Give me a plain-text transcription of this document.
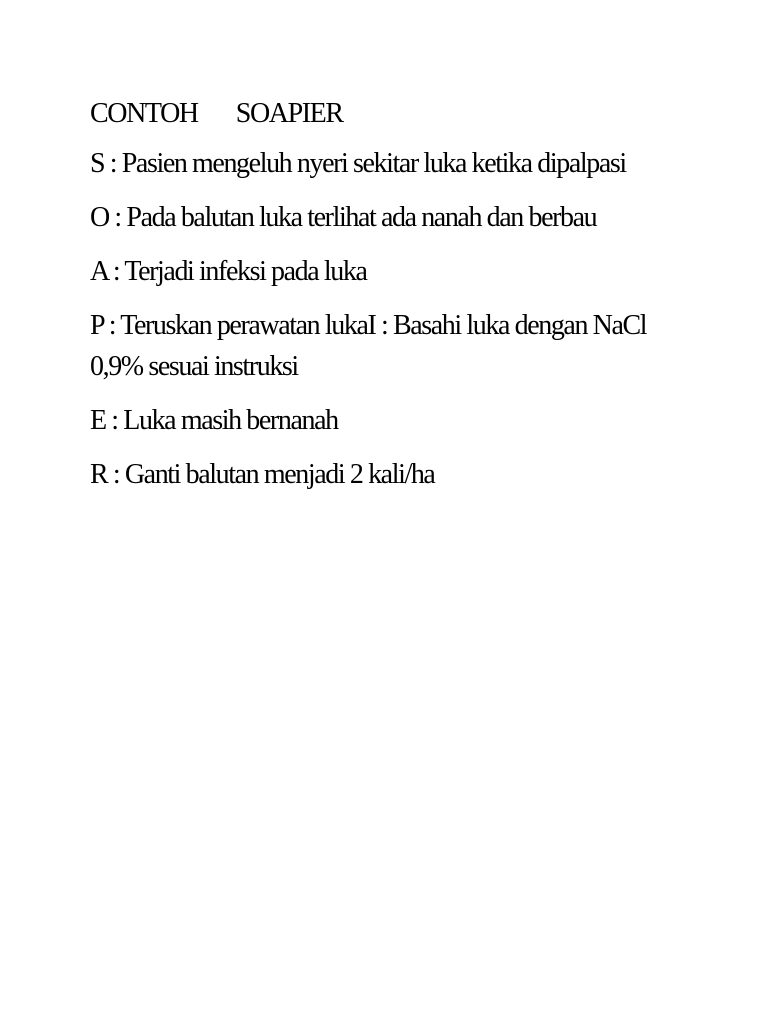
CONTOH SOAPIER
S : Pasien mengeluh nyeri sekitar luka ketika dipalpasi
O : Pada balutan luka terlihat ada nanah dan berbau
A : Terjadi infeksi pada luka
P : Teruskan perawatan lukaI : Basahi luka dengan NaCl 0,9% sesuai instruksi
E : Luka masih bernanah
R : Ganti balutan menjadi 2 kali/ha
